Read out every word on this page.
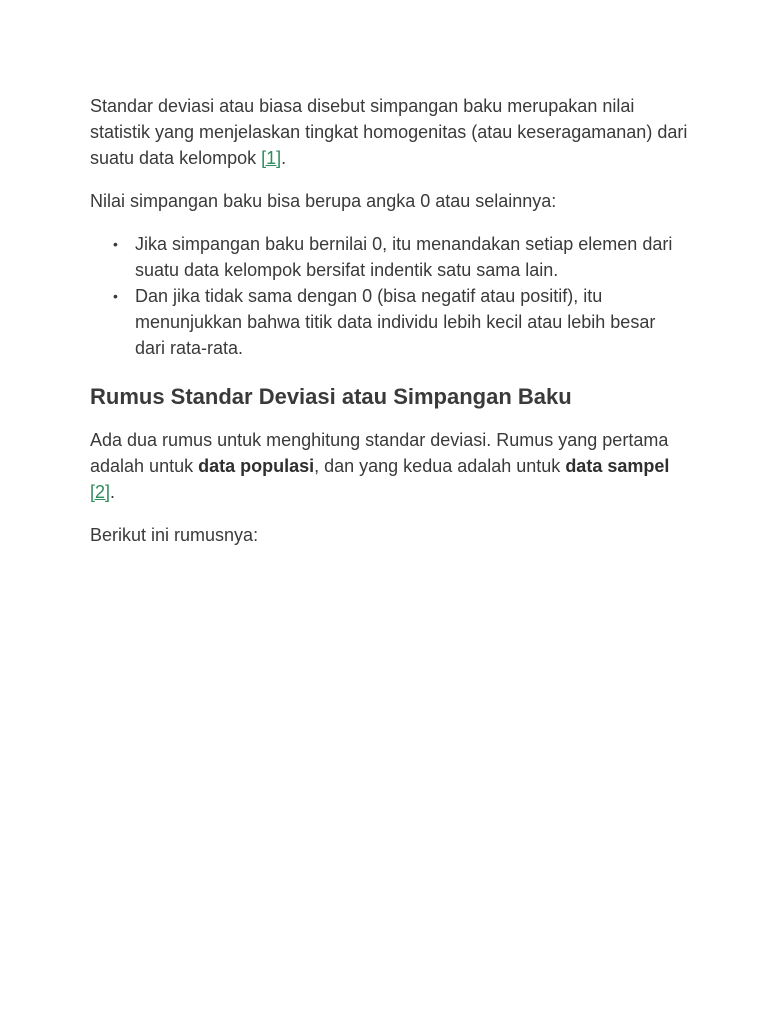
Standar deviasi atau biasa disebut simpangan baku merupakan nilai statistik yang menjelaskan tingkat homogenitas (atau keseragamanan) dari suatu data kelompok [1].

Nilai simpangan baku bisa berupa angka 0 atau selainnya:

• Jika simpangan baku bernilai 0, itu menandakan setiap elemen dari suatu data kelompok bersifat indentik satu sama lain.
• Dan jika tidak sama dengan 0 (bisa negatif atau positif), itu menunjukkan bahwa titik data individu lebih kecil atau lebih besar dari rata-rata.
Rumus Standar Deviasi atau Simpangan Baku

Ada dua rumus untuk menghitung standar deviasi. Rumus yang pertama adalah untuk data populasi, dan yang kedua adalah untuk data sampel [2].

Berikut ini rumusnya:
